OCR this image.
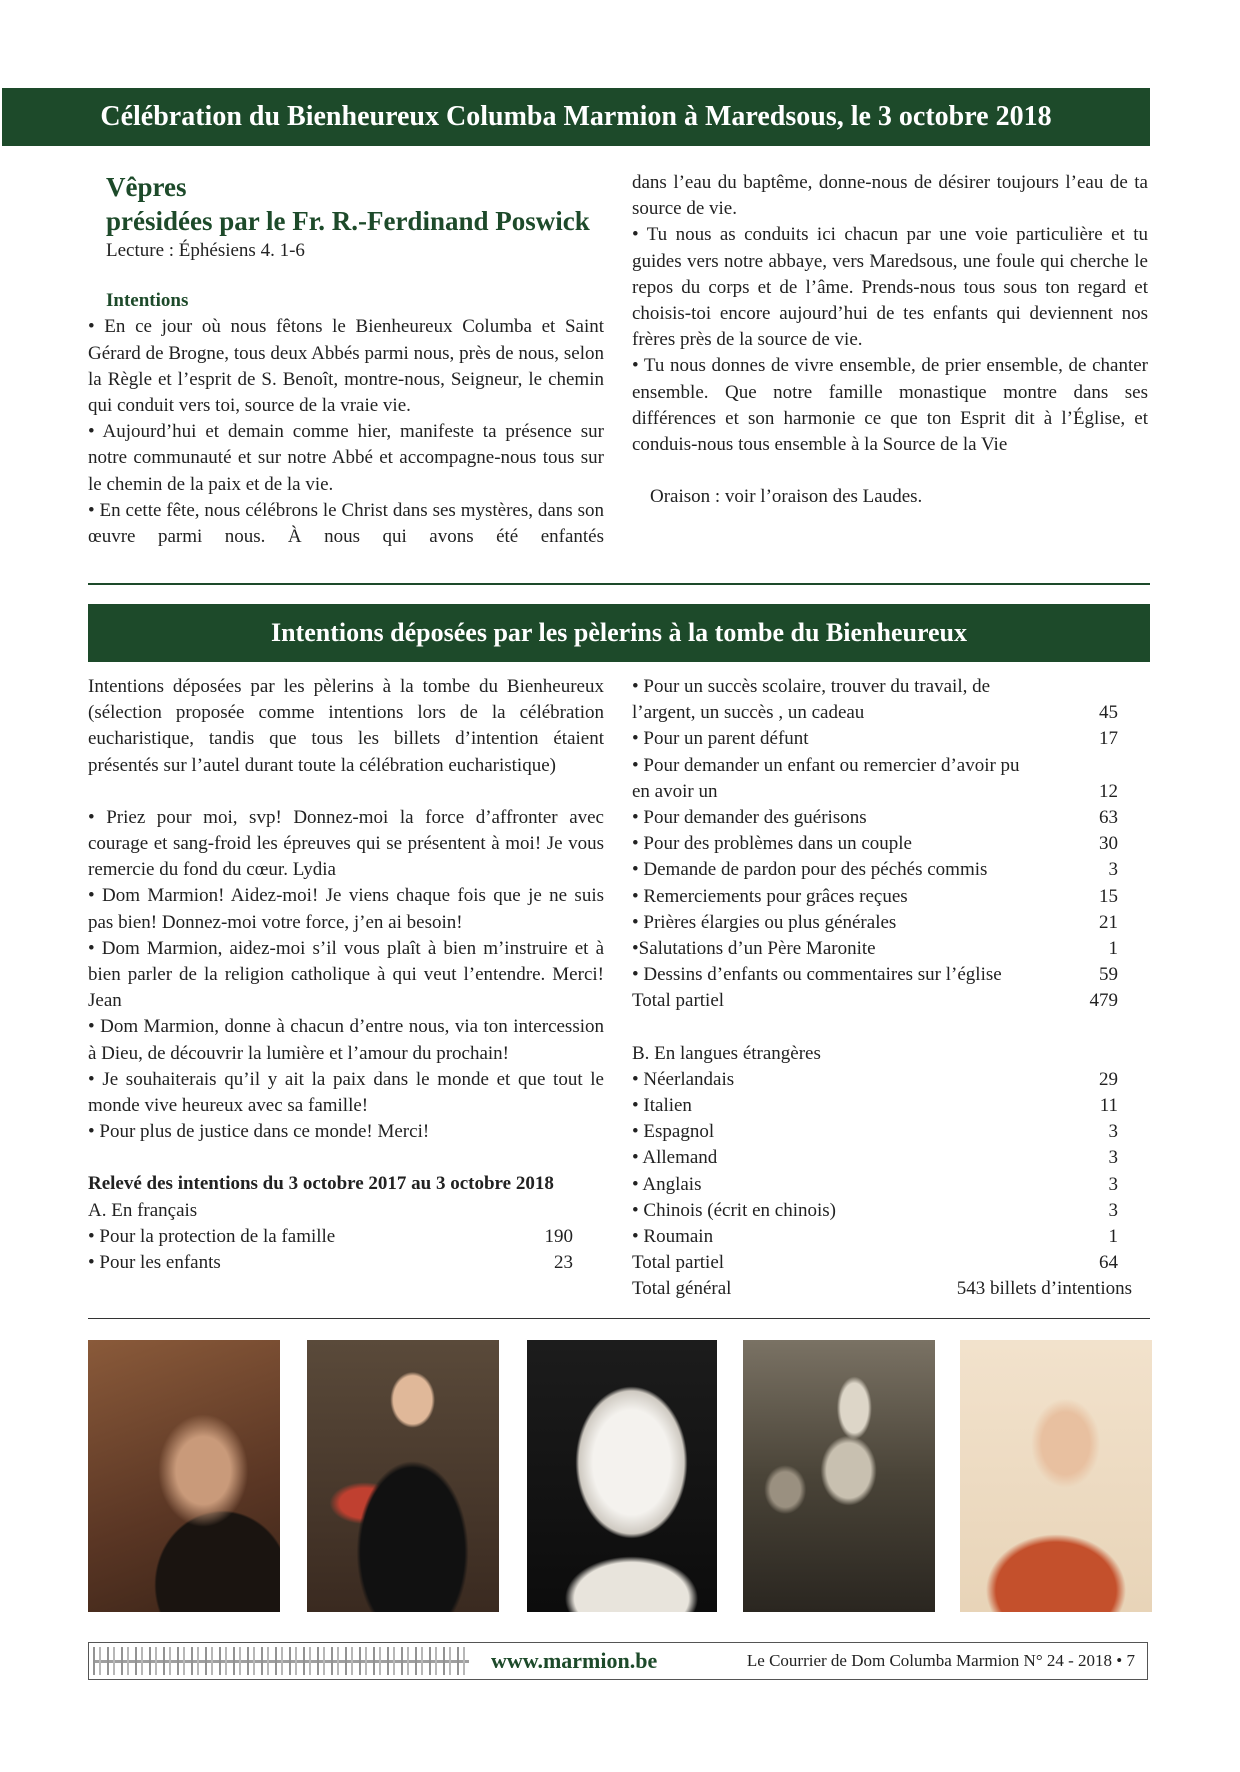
Célébration du Bienheureux Columba Marmion à Maredsous, le 3 octobre 2018
Vêpres
présidées par le Fr. R.-Ferdinand Poswick
Lecture : Éphésiens 4. 1-6
Intentions

• En ce jour où nous fêtons le Bienheureux Columba et Saint Gérard de Brogne, tous deux Abbés parmi nous, près de nous, selon la Règle et l’esprit de S. Benoît, montre-nous, Seigneur, le chemin qui conduit vers toi, source de la vraie vie.

• Aujourd’hui et demain comme hier, manifeste ta présence sur notre communauté et sur notre Abbé et accompagne-nous tous sur le chemin de la paix et de la vie.

• En cette fête, nous célébrons le Christ dans ses mystères, dans son œuvre parmi nous. À nous qui avons été enfantés

dans l’eau du baptême, donne-nous de désirer toujours l’eau de ta source de vie.

• Tu nous as conduits ici chacun par une voie particulière et tu guides vers notre abbaye, vers Maredsous, une foule qui cherche le repos du corps et de l’âme. Prends-nous tous sous ton regard et choisis-toi encore aujourd’hui de tes enfants qui deviennent nos frères près de la source de vie.

• Tu nous donnes de vivre ensemble, de prier ensemble, de chanter ensemble. Que notre famille monastique montre dans ses différences et son harmonie ce que ton Esprit dit à l’Église, et conduis-nous tous ensemble à la Source de la Vie

Oraison : voir l’oraison des Laudes.

Intentions déposées par les pèlerins à la tombe du Bienheureux

Intentions déposées par les pèlerins à la tombe du Bienheureux (sélection proposée comme intentions lors de la célébration eucharistique, tandis que tous les billets d’intention étaient présentés sur l’autel durant toute la célébration eucharistique)

• Priez pour moi, svp! Donnez-moi la force d’affronter avec courage et sang-froid les épreuves qui se présentent à moi! Je vous remercie du fond du cœur. Lydia

• Dom Marmion! Aidez-moi! Je viens chaque fois que je ne suis pas bien! Donnez-moi votre force, j’en ai besoin!

• Dom Marmion, aidez-moi s’il vous plaît à bien m’instruire et à bien parler de la religion catholique à qui veut l’entendre. Merci! Jean

• Dom Marmion, donne à chacun d’entre nous, via ton intercession à Dieu, de découvrir la lumière et l’amour du prochain!

• Je souhaiterais qu’il y ait la paix dans le monde et que tout le monde vive heureux avec sa famille!

• Pour plus de justice dans ce monde! Merci!

Relevé des intentions du 3 octobre 2017 au 3 octobre 2018

A. En français

• Pour la protection de la famille	190
• Pour les enfants	23

• Pour un succès scolaire, trouver du travail, de

l’argent, un succès , un cadeau	45
• Pour un parent défunt	17

• Pour demander un enfant ou remercier d’avoir pu

en avoir un	12
• Pour demander des guérisons	63
• Pour des problèmes dans un couple	30
• Demande de pardon pour des péchés commis	3
• Remerciements pour grâces reçues	15
• Prières élargies ou plus générales	21
•Salutations d’un Père Maronite	1
• Dessins d’enfants ou commentaires sur l’église	59
Total partiel	479

B. En langues étrangères

• Néerlandais	29
• Italien	11
• Espagnol	3
• Allemand	3
• Anglais	3
• Chinois (écrit en chinois)	3
• Roumain	1
Total partiel	64
Total général	543 billets d’intentions
www.marmion.be	Le Courrier de Dom Columba Marmion N° 24 - 2018 • 7
